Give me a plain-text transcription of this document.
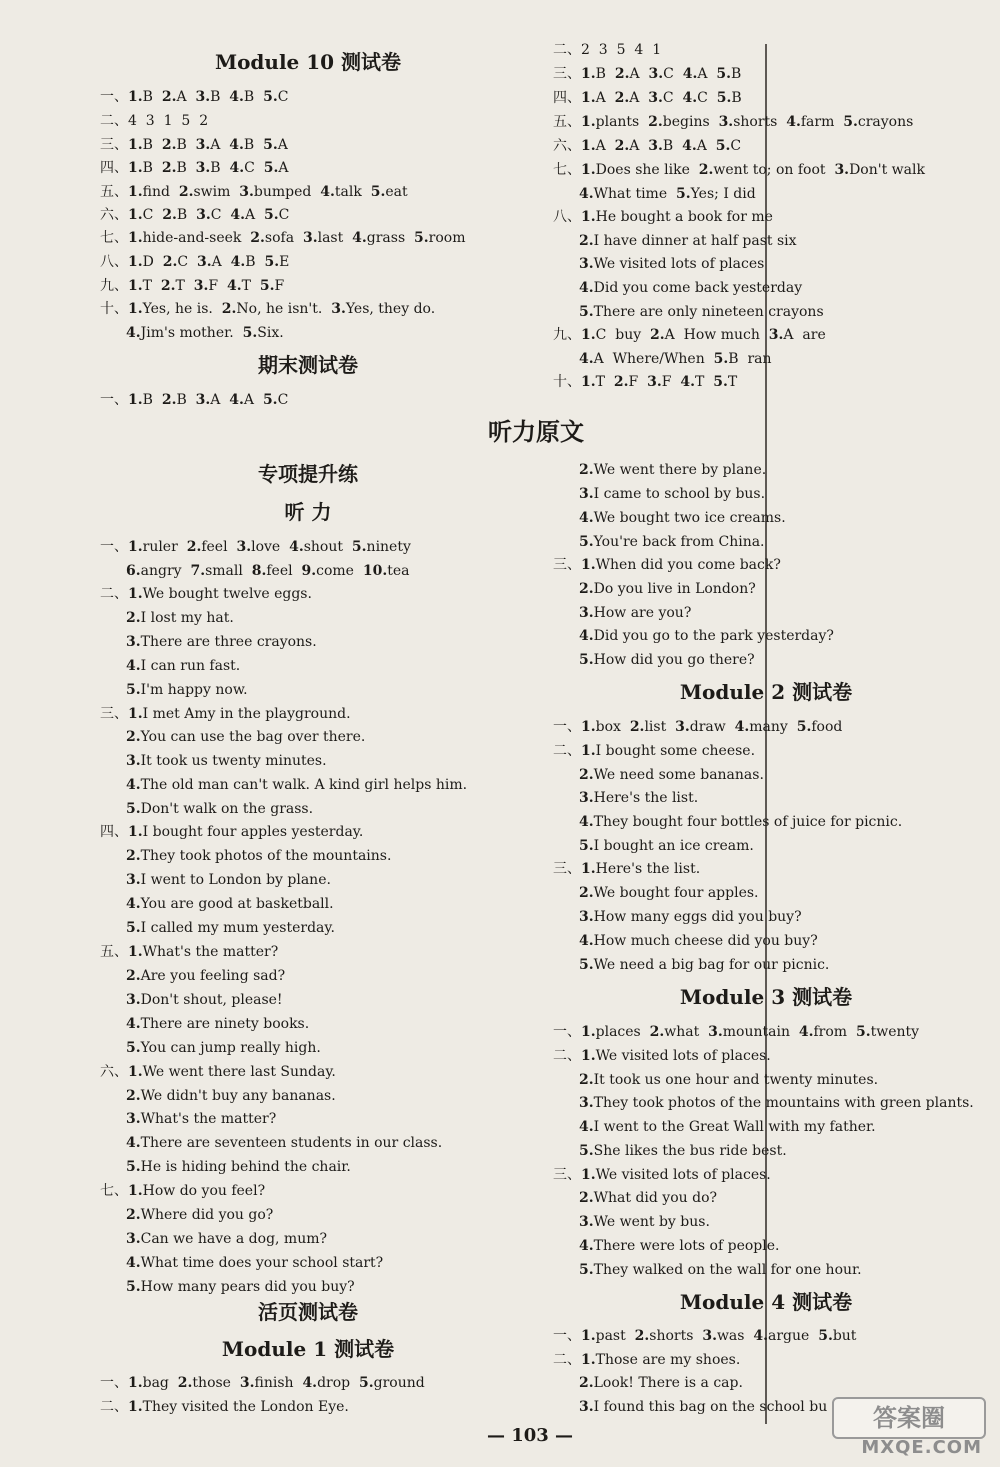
Module 10 测试卷
一、1.B  2.A  3.B  4.B  5.C
二、4  3  1  5  2
三、1.B  2.B  3.A  4.B  5.A
四、1.B  2.B  3.B  4.C  5.A
五、1.find  2.swim  3.bumped  4.talk  5.eat
六、1.C  2.B  3.C  4.A  5.C
七、1.hide-and-seek  2.sofa  3.last  4.grass  5.room
八、1.D  2.C  3.A  4.B  5.E
九、1.T  2.T  3.F  4.T  5.F
十、1.Yes, he is.  2.No, he isn't.  3.Yes, they do.
4.Jim's mother.  5.Six.
期末测试卷
一、1.B  2.B  3.A  4.A  5.C
专项提升练
听 力
一、1.ruler  2.feel  3.love  4.shout  5.ninety
6.angry  7.small  8.feel  9.come  10.tea
二、1.We bought twelve eggs.
2.I lost my hat.
3.There are three crayons.
4.I can run fast.
5.I'm happy now.
三、1.I met Amy in the playground.
2.You can use the bag over there.
3.It took us twenty minutes.
4.The old man can't walk. A kind girl helps him.
5.Don't walk on the grass.
四、1.I bought four apples yesterday.
2.They took photos of the mountains.
3.I went to London by plane.
4.You are good at basketball.
5.I called my mum yesterday.
五、1.What's the matter?
2.Are you feeling sad?
3.Don't shout, please!
4.There are ninety books.
5.You can jump really high.
六、1.We went there last Sunday.
2.We didn't buy any bananas.
3.What's the matter?
4.There are seventeen students in our class.
5.He is hiding behind the chair.
七、1.How do you feel?
2.Where did you go?
3.Can we have a dog, mum?
4.What time does your school start?
5.How many pears did you buy?
活页测试卷
Module 1 测试卷
一、1.bag  2.those  3.finish  4.drop  5.ground
二、1.They visited the London Eye.
二、2  3  5  4  1
三、1.B  2.A  3.C  4.A  5.B
四、1.A  2.A  3.C  4.C  5.B
五、1.plants  2.begins  3.shorts  4.farm  5.crayons
六、1.A  2.A  3.B  4.A  5.C
七、1.Does she like  2.went to; on foot  3.Don't walk
4.What time  5.Yes; I did
八、1.He bought a book for me
2.I have dinner at half past six
3.We visited lots of places
4.Did you come back yesterday
5.There are only nineteen crayons
九、1.C  buy  2.A  How much  3.A  are
4.A  Where/When  5.B  ran
十、1.T  2.F  3.F  4.T  5.T
听力原文
2.We went there by plane.
3.I came to school by bus.
4.We bought two ice creams.
5.You're back from China.
三、1.When did you come back?
2.Do you live in London?
3.How are you?
4.Did you go to the park yesterday?
5.How did you go there?
Module 2 测试卷
一、1.box  2.list  3.draw  4.many  5.food
二、1.I bought some cheese.
2.We need some bananas.
3.Here's the list.
4.They bought four bottles of juice for picnic.
5.I bought an ice cream.
三、1.Here's the list.
2.We bought four apples.
3.How many eggs did you buy?
4.How much cheese did you buy?
5.We need a big bag for our picnic.
Module 3 测试卷
一、1.places  2.what  3.mountain  4.from  5.twenty
二、1.We visited lots of places.
2.It took us one hour and twenty minutes.
3.They took photos of the mountains with green plants.
4.I went to the Great Wall with my father.
5.She likes the bus ride best.
三、1.We visited lots of places.
2.What did you do?
3.We went by bus.
4.There were lots of people.
5.They walked on the wall for one hour.
Module 4 测试卷
一、1.past  2.shorts  3.was  4.argue  5.but
二、1.Those are my shoes.
2.Look! There is a cap.
3.I found this bag on the school bu
— 103 —
答案圈
MXQE.COM
